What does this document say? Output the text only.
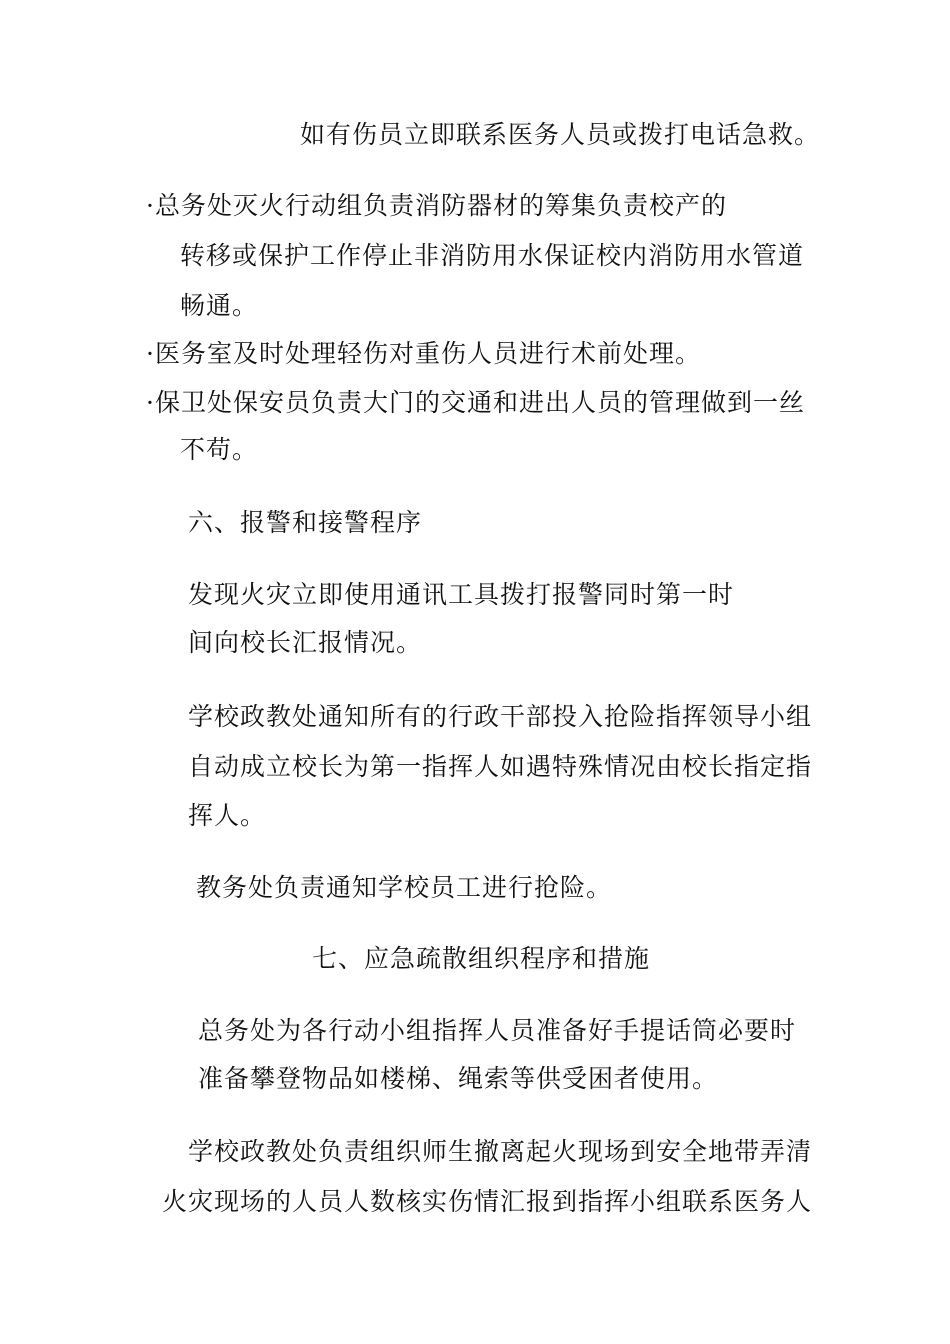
如有伤员立即联系医务人员或拨打电话急救。
·总务处灭火行动组负责消防器材的筹集负责校产的
转移或保护工作停止非消防用水保证校内消防用水管道
畅通。
·医务室及时处理轻伤对重伤人员进行术前处理。
·保卫处保安员负责大门的交通和进出人员的管理做到一丝
不苟。
六、报警和接警程序
发现火灾立即使用通讯工具拨打报警同时第一时
间向校长汇报情况。
学校政教处通知所有的行政干部投入抢险指挥领导小组
自动成立校长为第一指挥人如遇特殊情况由校长指定指
挥人。
教务处负责通知学校员工进行抢险。
七、应急疏散组织程序和措施
总务处为各行动小组指挥人员准备好手提话筒必要时
准备攀登物品如楼梯、绳索等供受困者使用。
学校政教处负责组织师生撤离起火现场到安全地带弄清
火灾现场的人员人数核实伤情汇报到指挥小组联系医务人
